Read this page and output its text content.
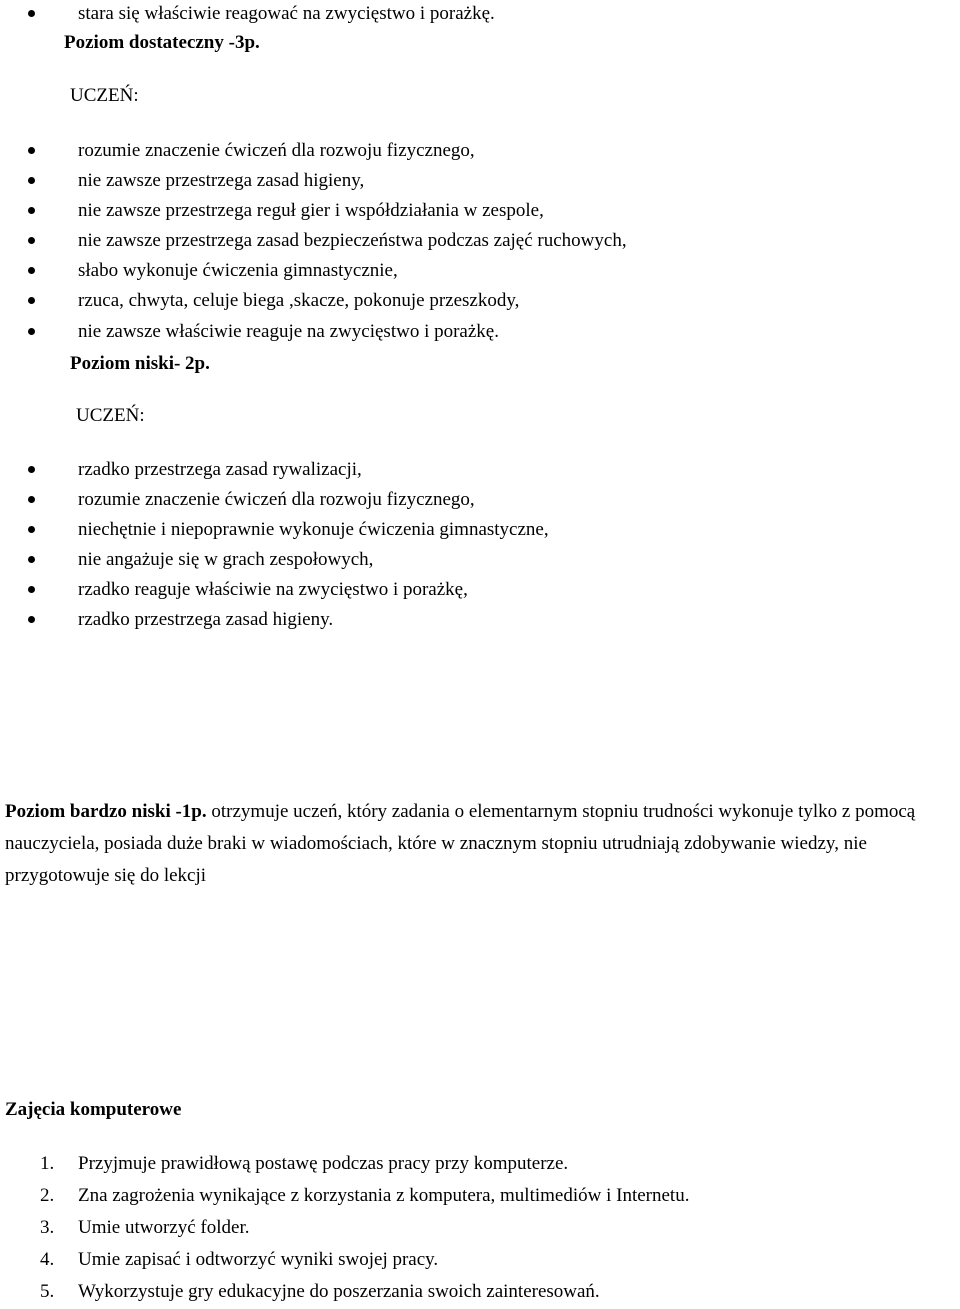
stara się właściwie reagować na zwycięstwo i porażkę.
Poziom dostateczny -3p.
UCZEŃ:
rozumie znaczenie ćwiczeń dla rozwoju fizycznego,
nie zawsze przestrzega zasad higieny,
nie zawsze przestrzega reguł gier i współdziałania w zespole,
nie zawsze przestrzega zasad bezpieczeństwa podczas zajęć ruchowych,
słabo wykonuje ćwiczenia gimnastycznie,
rzuca, chwyta, celuje biega ,skacze, pokonuje przeszkody,
nie zawsze właściwie reaguje na zwycięstwo i porażkę.
Poziom niski- 2p.
UCZEŃ:
rzadko przestrzega zasad rywalizacji,
rozumie znaczenie ćwiczeń dla rozwoju fizycznego,
niechętnie i niepoprawnie wykonuje ćwiczenia gimnastyczne,
nie angażuje się w grach zespołowych,
rzadko reaguje właściwie na zwycięstwo i porażkę,
rzadko przestrzega zasad higieny.
Poziom bardzo niski -1p. otrzymuje uczeń, który zadania o elementarnym stopniu trudności wykonuje tylko z pomocą nauczyciela, posiada duże braki w wiadomościach, które w znacznym stopniu utrudniają zdobywanie wiedzy, nie przygotowuje się do lekcji
Zajęcia komputerowe
1. Przyjmuje prawidłową postawę podczas pracy przy komputerze.
2. Zna zagrożenia wynikające z korzystania z komputera, multimediów i Internetu.
3. Umie utworzyć folder.
4. Umie zapisać i odtworzyć wyniki swojej pracy.
5. Wykorzystuje gry edukacyjne do poszerzania swoich zainteresowań.
